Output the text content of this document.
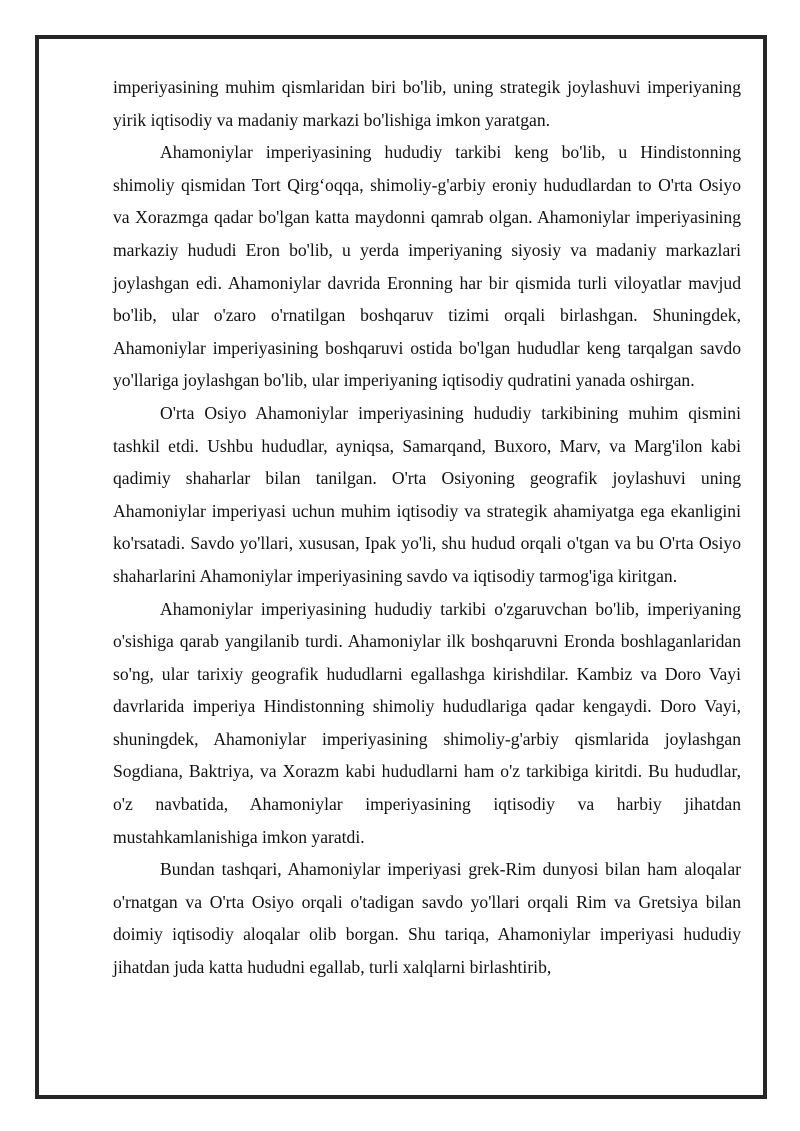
imperiyasining muhim qismlaridan biri bo'lib, uning strategik joylashuvi imperiyaning yirik iqtisodiy va madaniy markazi bo'lishiga imkon yaratgan.

Ahamoniylar imperiyasining hududiy tarkibi keng bo'lib, u Hindistonning shimoliy qismidan Tort Qirg‘oqqa, shimoliy-g'arbiy eroniy hududlardan to O'rta Osiyo va Xorazmga qadar bo'lgan katta maydonni qamrab olgan. Ahamoniylar imperiyasining markaziy hududi Eron bo'lib, u yerda imperiyaning siyosiy va madaniy markazlari joylashgan edi. Ahamoniylar davrida Eronning har bir qismida turli viloyatlar mavjud bo'lib, ular o'zaro o'rnatilgan boshqaruv tizimi orqali birlashgan. Shuningdek, Ahamoniylar imperiyasining boshqaruvi ostida bo'lgan hududlar keng tarqalgan savdo yo'llariga joylashgan bo'lib, ular imperiyaning iqtisodiy qudratini yanada oshirgan.

O'rta Osiyo Ahamoniylar imperiyasining hududiy tarkibining muhim qismini tashkil etdi. Ushbu hududlar, ayniqsa, Samarqand, Buxoro, Marv, va Marg'ilon kabi qadimiy shaharlar bilan tanilgan. O'rta Osiyoning geografik joylashuvi uning Ahamoniylar imperiyasi uchun muhim iqtisodiy va strategik ahamiyatga ega ekanligini ko'rsatadi. Savdo yo'llari, xususan, Ipak yo'li, shu hudud orqali o'tgan va bu O'rta Osiyo shaharlarini Ahamoniylar imperiyasining savdo va iqtisodiy tarmog'iga kiritgan.

Ahamoniylar imperiyasining hududiy tarkibi o'zgaruvchan bo'lib, imperiyaning o'sishiga qarab yangilanib turdi. Ahamoniylar ilk boshqaruvni Eronda boshlaganlaridan so'ng, ular tarixiy geografik hududlarni egallashga kirishdilar. Kambiz va Doro Vayi davrlarida imperiya Hindistonning shimoliy hududlariga qadar kengaydi. Doro Vayi, shuningdek, Ahamoniylar imperiyasining shimoliy-g'arbiy qismlarida joylashgan Sogdiana, Baktriya, va Xorazm kabi hududlarni ham o'z tarkibiga kiritdi. Bu hududlar, o'z navbatida, Ahamoniylar imperiyasining iqtisodiy va harbiy jihatdan mustahkamlanishiga imkon yaratdi.

Bundan tashqari, Ahamoniylar imperiyasi grek-Rim dunyosi bilan ham aloqalar o'rnatgan va O'rta Osiyo orqali o'tadigan savdo yo'llari orqali Rim va Gretsiya bilan doimiy iqtisodiy aloqalar olib borgan. Shu tariqa, Ahamoniylar imperiyasi hududiy jihatdan juda katta hududni egallab, turli xalqlarni birlashtirib,
